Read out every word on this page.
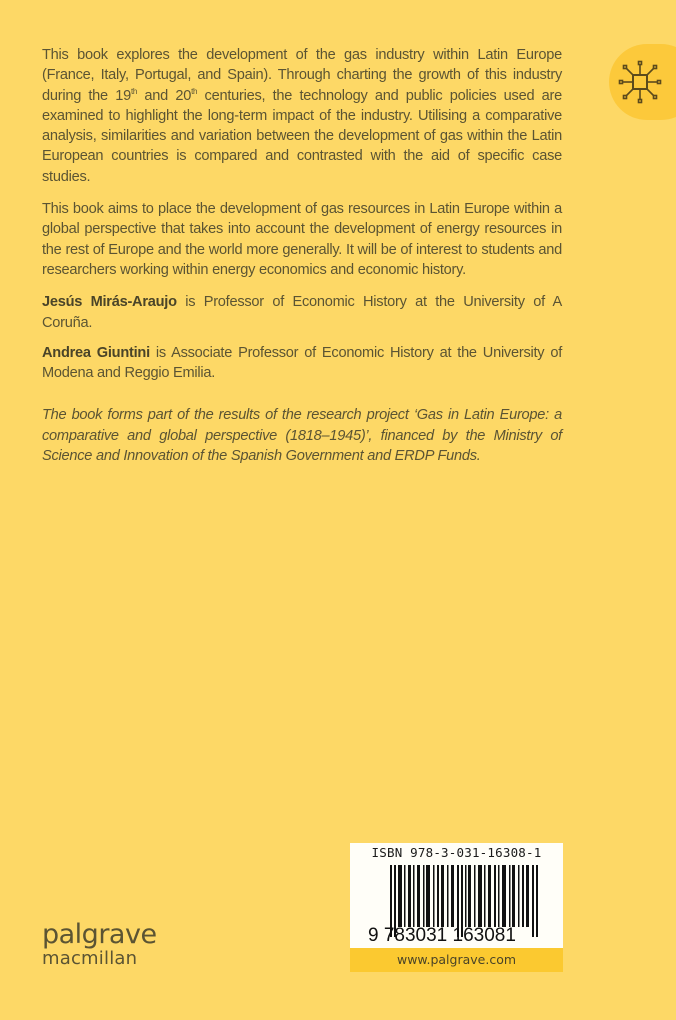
This book explores the development of the gas industry within Latin Europe (France, Italy, Portugal, and Spain). Through charting the growth of this industry during the 19th and 20th centuries, the technology and public policies used are examined to highlight the long-term impact of the industry. Utilising a comparative analysis, similarities and variation between the development of gas within the Latin European countries is compared and contrasted with the aid of specific case studies.

This book aims to place the development of gas resources in Latin Europe within a global perspective that takes into account the development of energy resources in the rest of Europe and the world more generally. It will be of interest to students and researchers working within energy economics and economic history.

Jesús Mirás-Araujo is Professor of Economic History at the University of A Coruña.

Andrea Giuntini is Associate Professor of Economic History at the University of Modena and Reggio Emilia.

The book forms part of the results of the research project ‘Gas in Latin Europe: a comparative and global perspective (1818–1945)’, financed by the Ministry of Science and Innovation of the Spanish Government and ERDP Funds.

palgrave
macmillan
ISBN 978-3-031-16308-1
9 783031 163081
www.palgrave.com
